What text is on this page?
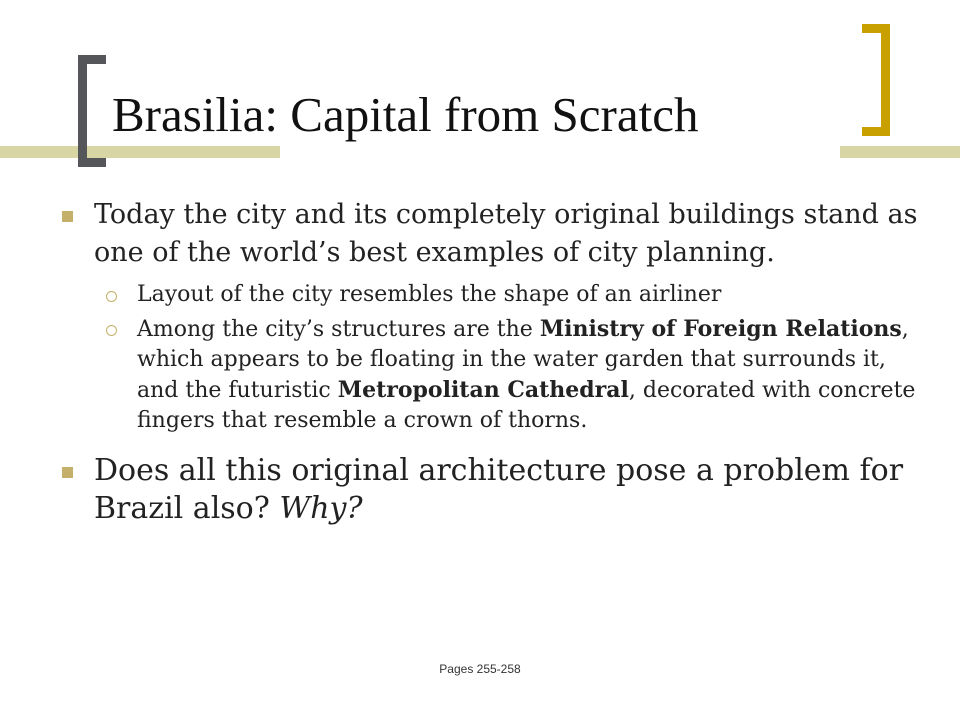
Brasilia: Capital from Scratch
Today the city and its completely original buildings stand as one of the world’s best examples of city planning.
Layout of the city resembles the shape of an airliner
Among the city’s structures are the Ministry of Foreign Relations, which appears to be floating in the water garden that surrounds it, and the futuristic Metropolitan Cathedral, decorated with concrete fingers that resemble a crown of thorns.
Does all this original architecture pose a problem for Brazil also? Why?
Pages 255-258
